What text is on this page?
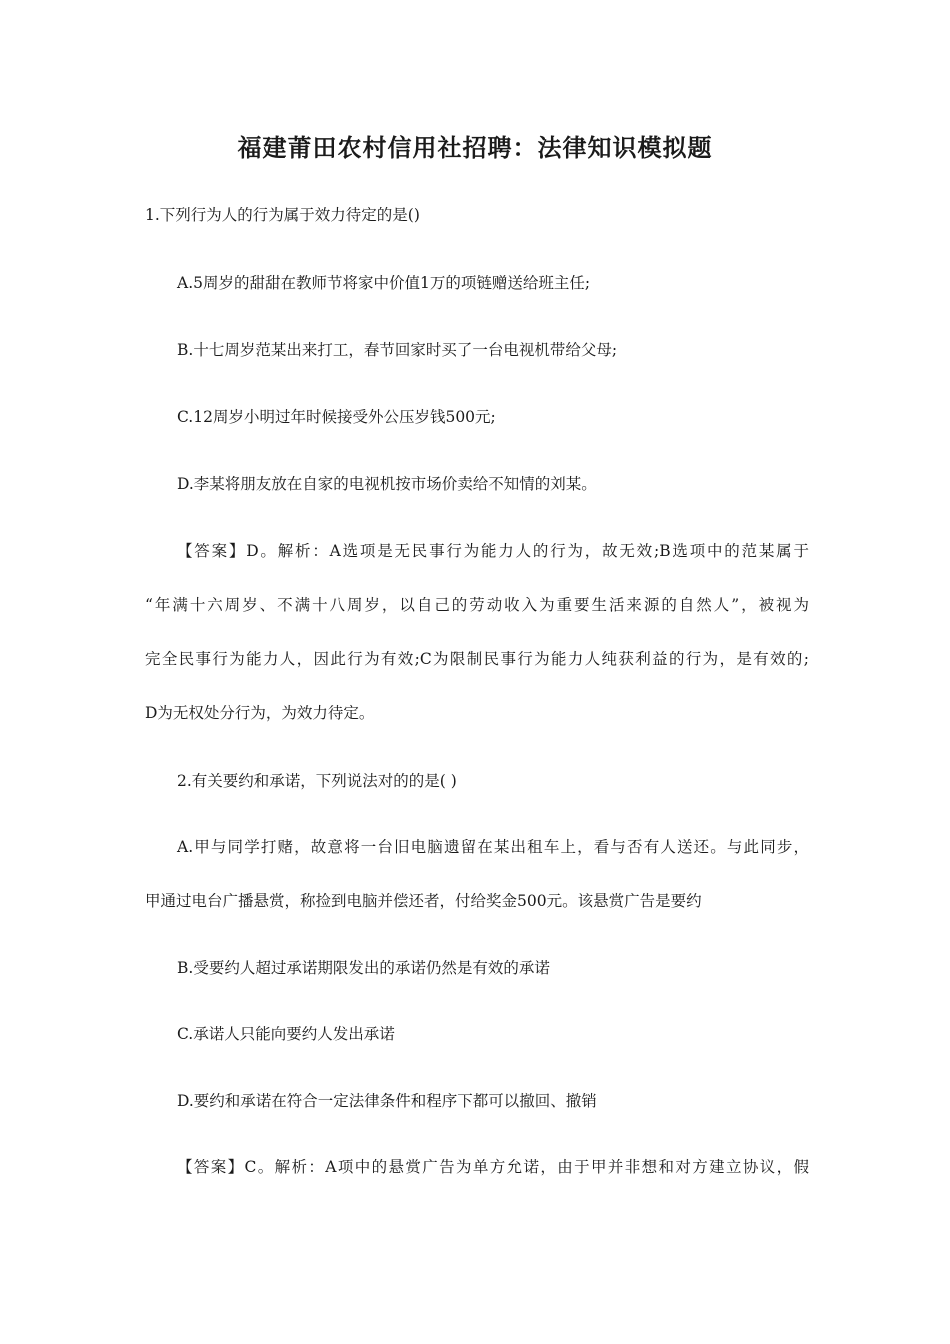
福建莆田农村信用社招聘：法律知识模拟题
1.下列行为人的行为属于效力待定的是()
A.5周岁的甜甜在教师节将家中价值1万的项链赠送给班主任;
B.十七周岁范某出来打工，春节回家时买了一台电视机带给父母;
C.12周岁小明过年时候接受外公压岁钱500元;
D.李某将朋友放在自家的电视机按市场价卖给不知情的刘某。
【答案】D。解析：A选项是无民事行为能力人的行为，故无效;B选项中的范某属于
“年满十六周岁、不满十八周岁，以自己的劳动收入为重要生活来源的自然人”，被视为
完全民事行为能力人，因此行为有效;C为限制民事行为能力人纯获利益的行为，是有效的;
D为无权处分行为，为效力待定。
2.有关要约和承诺，下列说法对的的是( )
A.甲与同学打赌，故意将一台旧电脑遗留在某出租车上，看与否有人送还。与此同步，
甲通过电台广播悬赏，称捡到电脑并偿还者，付给奖金500元。该悬赏广告是要约
B.受要约人超过承诺期限发出的承诺仍然是有效的承诺
C.承诺人只能向要约人发出承诺
D.要约和承诺在符合一定法律条件和程序下都可以撤回、撤销
【答案】C。解析：A项中的悬赏广告为单方允诺，由于甲并非想和对方建立协议，假
